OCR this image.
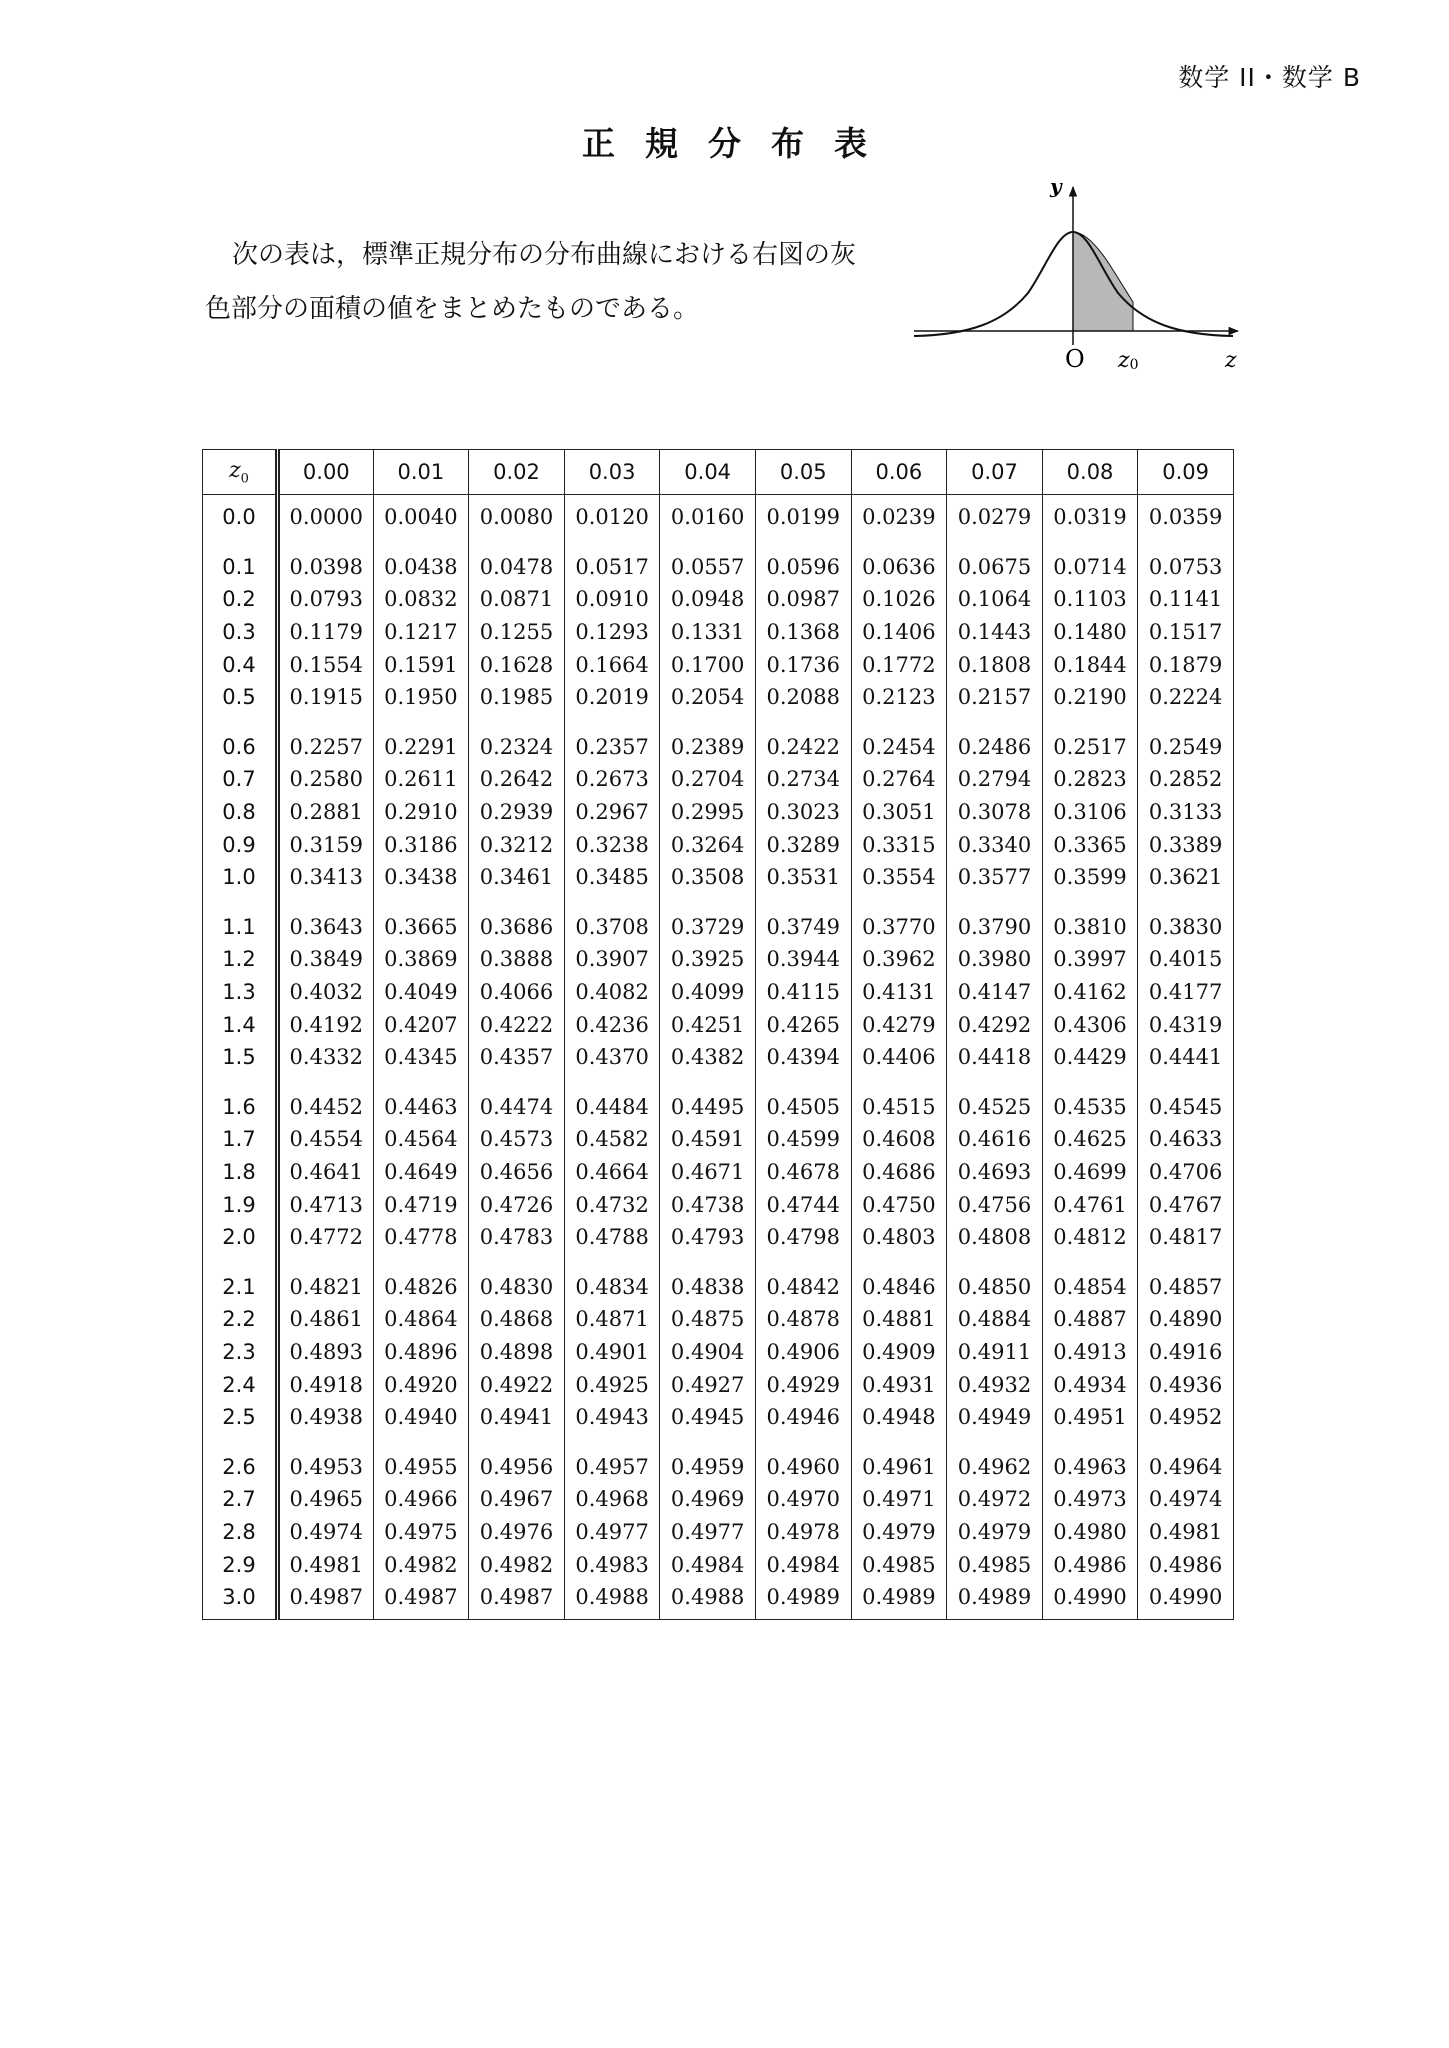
数学 II・数学 B
正規分布表

次の表は，標準正規分布の分布曲線における右図の灰
色部分の面積の値をまとめたものである。

y
O z0	z
$z_0$	0.00	0.01	0.02	0.03	0.04	0.05	0.06	0.07	0.08	0.09
0.0	0.0000	0.0040	0.0080	0.0120	0.0160	0.0199	0.0239	0.0279	0.0319	0.0359
0.1	0.0398	0.0438	0.0478	0.0517	0.0557	0.0596	0.0636	0.0675	0.0714	0.0753
0.2	0.0793	0.0832	0.0871	0.0910	0.0948	0.0987	0.1026	0.1064	0.1103	0.1141
0.3	0.1179	0.1217	0.1255	0.1293	0.1331	0.1368	0.1406	0.1443	0.1480	0.1517
0.4	0.1554	0.1591	0.1628	0.1664	0.1700	0.1736	0.1772	0.1808	0.1844	0.1879
0.5	0.1915	0.1950	0.1985	0.2019	0.2054	0.2088	0.2123	0.2157	0.2190	0.2224
0.6	0.2257	0.2291	0.2324	0.2357	0.2389	0.2422	0.2454	0.2486	0.2517	0.2549
0.7	0.2580	0.2611	0.2642	0.2673	0.2704	0.2734	0.2764	0.2794	0.2823	0.2852
0.8	0.2881	0.2910	0.2939	0.2967	0.2995	0.3023	0.3051	0.3078	0.3106	0.3133
0.9	0.3159	0.3186	0.3212	0.3238	0.3264	0.3289	0.3315	0.3340	0.3365	0.3389
1.0	0.3413	0.3438	0.3461	0.3485	0.3508	0.3531	0.3554	0.3577	0.3599	0.3621
1.1	0.3643	0.3665	0.3686	0.3708	0.3729	0.3749	0.3770	0.3790	0.3810	0.3830
1.2	0.3849	0.3869	0.3888	0.3907	0.3925	0.3944	0.3962	0.3980	0.3997	0.4015
1.3	0.4032	0.4049	0.4066	0.4082	0.4099	0.4115	0.4131	0.4147	0.4162	0.4177
1.4	0.4192	0.4207	0.4222	0.4236	0.4251	0.4265	0.4279	0.4292	0.4306	0.4319
1.5	0.4332	0.4345	0.4357	0.4370	0.4382	0.4394	0.4406	0.4418	0.4429	0.4441
1.6	0.4452	0.4463	0.4474	0.4484	0.4495	0.4505	0.4515	0.4525	0.4535	0.4545
1.7	0.4554	0.4564	0.4573	0.4582	0.4591	0.4599	0.4608	0.4616	0.4625	0.4633
1.8	0.4641	0.4649	0.4656	0.4664	0.4671	0.4678	0.4686	0.4693	0.4699	0.4706
1.9	0.4713	0.4719	0.4726	0.4732	0.4738	0.4744	0.4750	0.4756	0.4761	0.4767
2.0	0.4772	0.4778	0.4783	0.4788	0.4793	0.4798	0.4803	0.4808	0.4812	0.4817
2.1	0.4821	0.4826	0.4830	0.4834	0.4838	0.4842	0.4846	0.4850	0.4854	0.4857
2.2	0.4861	0.4864	0.4868	0.4871	0.4875	0.4878	0.4881	0.4884	0.4887	0.4890
2.3	0.4893	0.4896	0.4898	0.4901	0.4904	0.4906	0.4909	0.4911	0.4913	0.4916
2.4	0.4918	0.4920	0.4922	0.4925	0.4927	0.4929	0.4931	0.4932	0.4934	0.4936
2.5	0.4938	0.4940	0.4941	0.4943	0.4945	0.4946	0.4948	0.4949	0.4951	0.4952
2.6	0.4953	0.4955	0.4956	0.4957	0.4959	0.4960	0.4961	0.4962	0.4963	0.4964
2.7	0.4965	0.4966	0.4967	0.4968	0.4969	0.4970	0.4971	0.4972	0.4973	0.4974
2.8	0.4974	0.4975	0.4976	0.4977	0.4977	0.4978	0.4979	0.4979	0.4980	0.4981
2.9	0.4981	0.4982	0.4982	0.4983	0.4984	0.4984	0.4985	0.4985	0.4986	0.4986
3.0	0.4987	0.4987	0.4987	0.4988	0.4988	0.4989	0.4989	0.4989	0.4990	0.4990
